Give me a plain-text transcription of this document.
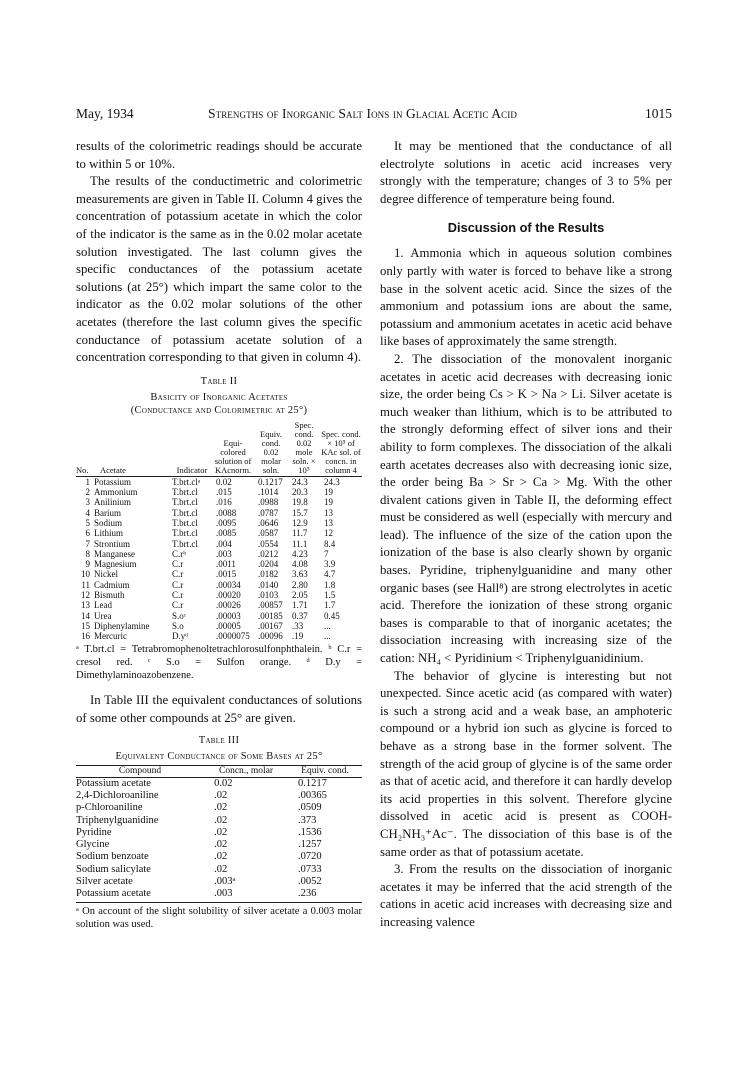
May, 1934	Strengths of Inorganic Salt Ions in Glacial Acetic Acid	1015

results of the colorimetric readings should be accurate to within 5 or 10%.

The results of the conductimetric and colorimetric measurements are given in Table II. Column 4 gives the concentration of potassium acetate in which the color of the indicator is the same as in the 0.02 molar acetate solution investigated. The last column gives the specific conductances of the potassium acetate solutions (at 25°) which impart the same color to the indicator as the 0.02 molar solutions of the other acetates (therefore the last column gives the specific conductance of potassium acetate solution of a concentration corresponding to that given in column 4).

Table II
Basicity of Inorganic Acetates
(Conductance and Colorimetric at 25°)
No.	Acetate	Indicator	Equi-colored solution of KAcnorm.	Equiv. cond. 0.02 molar soln.	Spec. cond. 0.02 mole soln. × 10⁵	Spec. cond. × 10⁵ of KAc sol. of concn. in column 4
1	Potassium	T.brt.clᵃ	0.02	0.1217	24.3	24.3
2	Ammonium	T.brt.cl	.015	.1014	20.3	19
3	Anilinium	T.brt.cl	.016	.0988	19.8	19
4	Barium	T.brt.cl	.0088	.0787	15.7	13
5	Sodium	T.brt.cl	.0095	.0646	12.9	13
6	Lithium	T.brt.cl	.0085	.0587	11.7	12
7	Strontium	T.brt.cl	.004	.0554	11.1	8.4
8	Manganese	C.rᵇ	.003	.0212	4.23	7
9	Magnesium	C.r	.0011	.0204	4.08	3.9
10	Nickel	C.r	.0015	.0182	3.63	4.7
11	Cadmium	C.r	.00034	.0140	2.80	1.8
12	Bismuth	C.r	.00020	.0103	2.05	1.5
13	Lead	C.r	.00026	.00857	1.71	1.7
14	Urea	S.oᶜ	.00003	.00185	0.37	0.45
15	Diphenylamine	S.o	.00005	.00167	.33	...
16	Mercuric	D.yᵈ	.0000075	.00096	.19	...
ᵃ T.brt.cl = Tetrabromophenoltetrachlorosulfonphthalein. ᵇ C.r = cresol red. ᶜ S.o = Sulfon orange. ᵈ D.y = Dimethylaminoazobenzene.

In Table III the equivalent conductances of solutions of some other compounds at 25° are given.

Table III
Equivalent Conductance of Some Bases at 25°
Compound	Concn., molar	Equiv. cond.
Potassium acetate	0.02	0.1217
2,4-Dichloroaniline	.02	.00365
p-Chloroaniline	.02	.0509
Triphenylguanidine	.02	.373
Pyridine	.02	.1536
Glycine	.02	.1257
Sodium benzoate	.02	.0720
Sodium salicylate	.02	.0733
Silver acetate	.003ᵃ	.0052
Potassium acetate	.003	.236
ᵃ On account of the slight solubility of silver acetate a 0.003 molar solution was used.

It may be mentioned that the conductance of all electrolyte solutions in acetic acid increases very strongly with the temperature; changes of 3 to 5% per degree difference of temperature being found.

Discussion of the Results

1. Ammonia which in aqueous solution combines only partly with water is forced to behave like a strong base in the solvent acetic acid. Since the sizes of the ammonium and potassium ions are about the same, potassium and ammonium acetates in acetic acid behave like bases of approximately the same strength.

2. The dissociation of the monovalent inorganic acetates in acetic acid decreases with decreasing ionic size, the order being Cs > K > Na > Li. Silver acetate is much weaker than lithium, which is to be attributed to the strongly deforming effect of silver ions and their ability to form complexes. The dissociation of the alkali earth acetates decreases also with decreasing ionic size, the order being Ba > Sr > Ca > Mg. With the other divalent cations given in Table II, the deforming effect must be considered as well (especially with mercury and lead). The influence of the size of the cation upon the ionization of the base is also clearly shown by organic bases. Pyridine, triphenylguanidine and many other organic bases (see Hall⁸) are strong electrolytes in acetic acid. Therefore the ionization of these strong organic bases is comparable to that of inorganic acetates; the dissociation increasing with increasing size of the cation: NH₄ < Pyridinium < Triphenylguanidinium.

The behavior of glycine is interesting but not unexpected. Since acetic acid (as compared with water) is such a strong acid and a weak base, an amphoteric compound or a hybrid ion such as glycine is forced to behave as a strong base in the former solvent. The strength of the acid group of glycine is of the same order as that of acetic acid, and therefore it can hardly develop its acid properties in this solvent. Therefore glycine dissolved in acetic acid is present as COOH-CH₂NH₃⁺Ac⁻. The dissociation of this base is of the same order as that of potassium acetate.

3. From the results on the dissociation of inorganic acetates it may be inferred that the acid strength of the cations in acetic acid increases with decreasing size and increasing valence
